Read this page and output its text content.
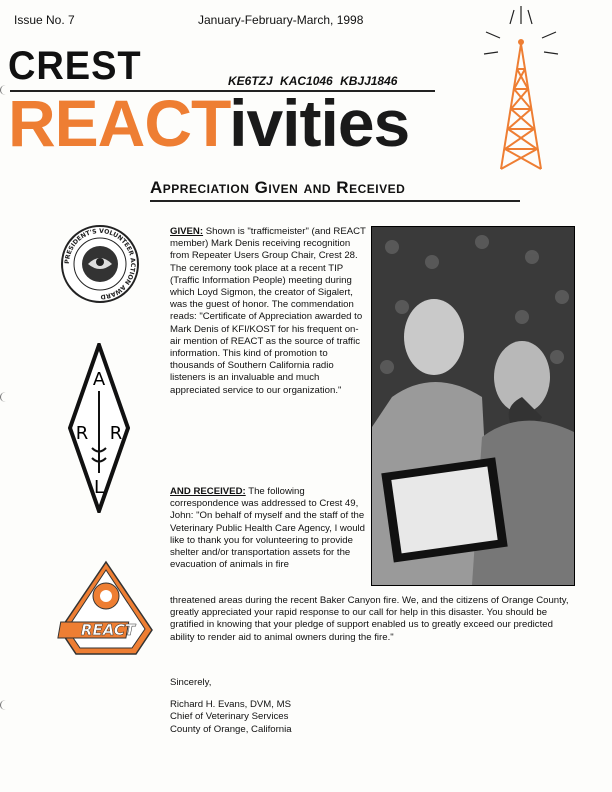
Issue No. 7	January-February-March, 1998
CREST	KE6TZJ KAC1046 KBJJ1846
REACTivities
Appreciation Given and Received
PRESIDENT'S VOLUNTEER ACTION AWARD
A
R R
L
REACT
GIVEN: Shown is "trafficmeister" (and REACT member) Mark Denis receiving recognition from Repeater Users Group Chair, Crest 28. The ceremony took place at a recent TIP (Traffic Information People) meeting during which Loyd Sigmon, the creator of Sigalert, was the guest of honor. The commendation reads: "Certificate of Appreciation awarded to Mark Denis of KFI/KOST for his frequent on-air mention of REACT as the source of traffic information. This kind of promotion to thousands of Southern California radio listeners is an invaluable and much appreciated service to our organization."
AND RECEIVED: The following correspondence was addressed to Crest 49, John: "On behalf of myself and the staff of the Veterinary Public Health Care Agency, I would like to thank you for volunteering to provide shelter and/or transportation assets for the evacuation of animals in fire
threatened areas during the recent Baker Canyon fire. We, and the citizens of Orange County, greatly appreciated your rapid response to our call for help in this disaster. You should be gratified in knowing that your pledge of support enabled us to greatly exceed our predicted ability to render aid to animal owners during the fire."
Sincerely,
Richard H. Evans, DVM, MS
Chief of Veterinary Services
County of Orange, California
